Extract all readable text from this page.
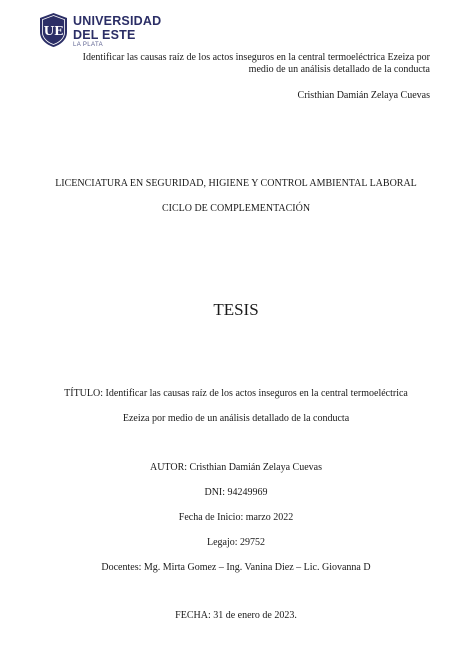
UE
UNIVERSIDAD
DEL ESTE
LA PLATA
Identificar las causas raíz de los actos inseguros en la central termoeléctrica Ezeiza por
medio de un análisis detallado de la conducta
Cristhian Damián Zelaya Cuevas
LICENCIATURA EN SEGURIDAD, HIGIENE Y CONTROL AMBIENTAL LABORAL
CICLO DE COMPLEMENTACIÓN
TESIS
TÍTULO: Identificar las causas raíz de los actos inseguros en la central termoeléctrica
Ezeiza por medio de un análisis detallado de la conducta
AUTOR: Cristhian Damián Zelaya Cuevas
DNI: 94249969
Fecha de Inicio: marzo 2022
Legajo: 29752
Docentes: Mg. Mirta Gomez – Ing. Vanina Diez – Lic. Giovanna D
FECHA: 31 de enero de 2023.
